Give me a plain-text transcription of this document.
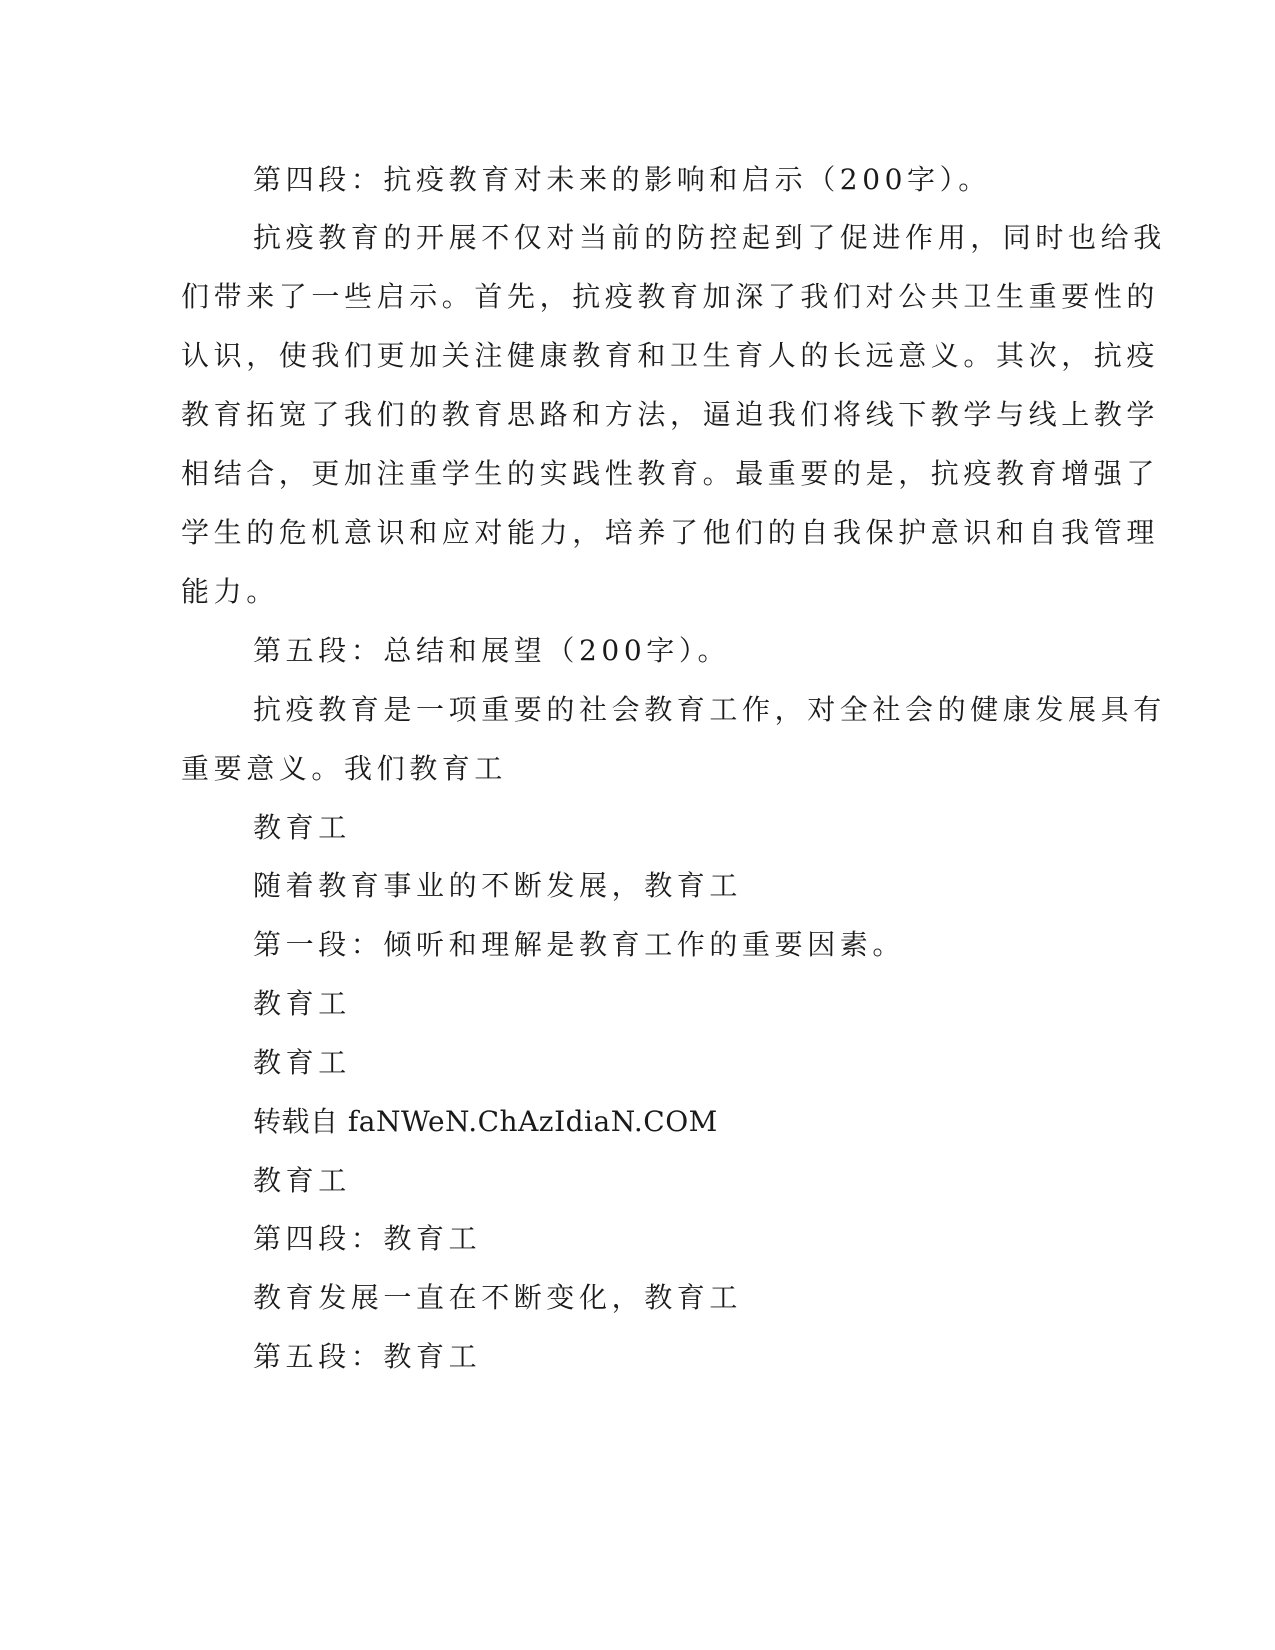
第四段：抗疫教育对未来的影响和启示（200字）。
抗疫教育的开展不仅对当前的防控起到了促进作用，同时也给我
们带来了一些启示。首先，抗疫教育加深了我们对公共卫生重要性的
认识，使我们更加关注健康教育和卫生育人的长远意义。其次，抗疫
教育拓宽了我们的教育思路和方法，逼迫我们将线下教学与线上教学
相结合，更加注重学生的实践性教育。最重要的是，抗疫教育增强了
学生的危机意识和应对能力，培养了他们的自我保护意识和自我管理
能力。
第五段：总结和展望（200字）。
抗疫教育是一项重要的社会教育工作，对全社会的健康发展具有
重要意义。我们教育工
教育工
随着教育事业的不断发展，教育工
第一段：倾听和理解是教育工作的重要因素。
教育工
教育工
转载自 faNWeN.ChAzIdiaN.COM
教育工
第四段：教育工
教育发展一直在不断变化，教育工
第五段：教育工
